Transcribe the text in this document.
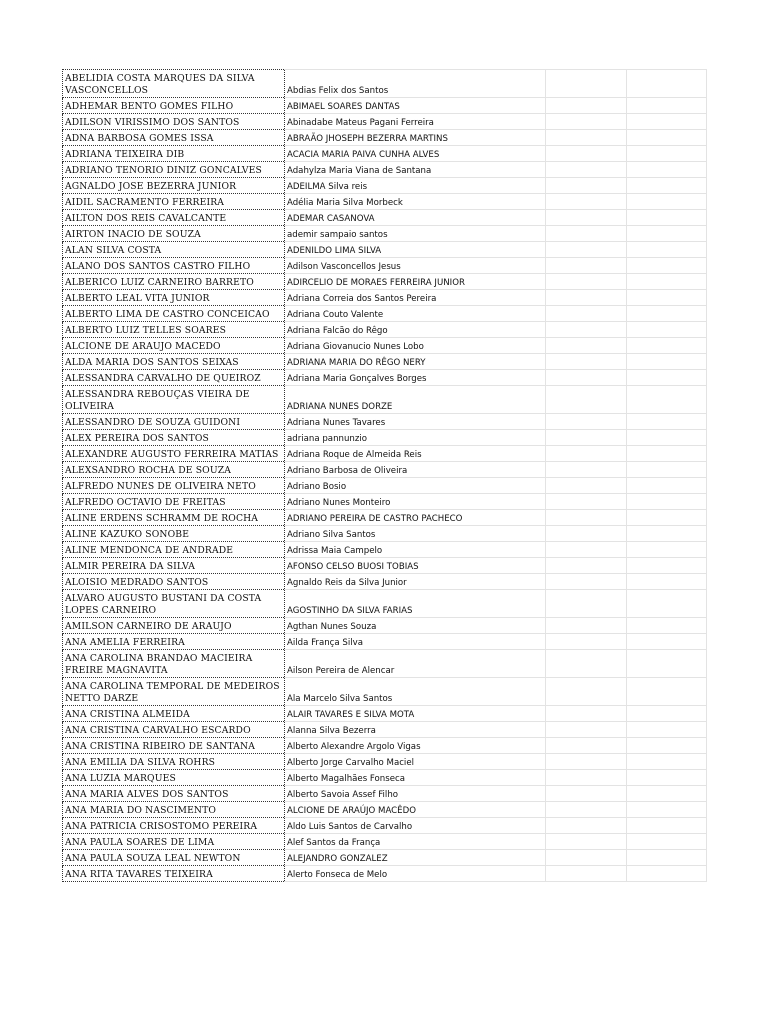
ABELIDIA COSTA MARQUES DA SILVA VASCONCELLOS	Abdias Felix dos Santos		
ADHEMAR BENTO GOMES FILHO	ABIMAEL SOARES DANTAS		
ADILSON VIRISSIMO DOS SANTOS	Abinadabe Mateus Pagani Ferreira		
ADNA BARBOSA GOMES ISSA	ABRAÃO JHOSEPH BEZERRA MARTINS		
ADRIANA TEIXEIRA DIB	ACACIA MARIA PAIVA CUNHA ALVES		
ADRIANO TENORIO DINIZ GONCALVES	Adahylza Maria Viana de Santana		
AGNALDO JOSE BEZERRA JUNIOR	ADEILMA Silva reis		
AIDIL SACRAMENTO FERREIRA	Adélia Maria Silva Morbeck		
AILTON DOS REIS CAVALCANTE	ADEMAR CASANOVA		
AIRTON INACIO DE SOUZA	ademir sampaio santos		
ALAN SILVA COSTA	ADENILDO LIMA SILVA		
ALANO DOS SANTOS CASTRO FILHO	Adilson Vasconcellos Jesus		
ALBERICO LUIZ CARNEIRO BARRETO	ADIRCELIO DE MORAES FERREIRA JUNIOR		
ALBERTO LEAL VITA JUNIOR	Adriana Correia dos Santos Pereira		
ALBERTO LIMA DE CASTRO CONCEICAO	Adriana Couto Valente		
ALBERTO LUIZ TELLES SOARES	Adriana Falcão do Rêgo		
ALCIONE DE ARAUJO MACEDO	Adriana Giovanucio Nunes Lobo		
ALDA MARIA DOS SANTOS SEIXAS	ADRIANA MARIA DO RÊGO NERY		
ALESSANDRA CARVALHO DE QUEIROZ	Adriana Maria Gonçalves Borges		
ALESSANDRA REBOUÇAS VIEIRA DE OLIVEIRA	ADRIANA NUNES DORZE		
ALESSANDRO DE SOUZA GUIDONI	Adriana Nunes Tavares		
ALEX PEREIRA DOS SANTOS	adriana pannunzio		
ALEXANDRE AUGUSTO FERREIRA MATIAS	Adriana Roque de Almeida Reis		
ALEXSANDRO ROCHA DE SOUZA	Adriano Barbosa de Oliveira		
ALFREDO NUNES DE OLIVEIRA NETO	Adriano Bosio		
ALFREDO OCTAVIO DE FREITAS	Adriano Nunes Monteiro		
ALINE ERDENS SCHRAMM DE ROCHA	ADRIANO PEREIRA DE CASTRO PACHECO		
ALINE KAZUKO SONOBE	Adriano Silva Santos		
ALINE MENDONCA DE ANDRADE	Adrissa Maia Campelo		
ALMIR PEREIRA DA SILVA	AFONSO CELSO BUOSI TOBIAS		
ALOISIO MEDRADO SANTOS	Agnaldo Reis da Silva Junior		
ALVARO AUGUSTO BUSTANI DA COSTA LOPES CARNEIRO	AGOSTINHO DA SILVA FARIAS		
AMILSON CARNEIRO DE ARAUJO	Agthan Nunes Souza		
ANA AMELIA FERREIRA	Ailda França Silva		
ANA CAROLINA BRANDAO MACIEIRA FREIRE MAGNAVITA	Ailson Pereira de Alencar		
ANA CAROLINA TEMPORAL DE MEDEIROS NETTO DARZE	Ala Marcelo Silva Santos		
ANA CRISTINA ALMEIDA	ALAIR TAVARES E SILVA MOTA		
ANA CRISTINA CARVALHO ESCARDO	Alanna Silva Bezerra		
ANA CRISTINA RIBEIRO DE SANTANA	Alberto Alexandre Argolo Vigas		
ANA EMILIA DA SILVA ROHRS	Alberto Jorge Carvalho Maciel		
ANA LUZIA MARQUES	Alberto Magalhães Fonseca		
ANA MARIA ALVES DOS SANTOS	Alberto Savoia Assef Filho		
ANA MARIA DO NASCIMENTO	ALCIONE DE ARAÚJO MACÊDO		
ANA PATRICIA CRISOSTOMO PEREIRA	Aldo Luis Santos de Carvalho		
ANA PAULA SOARES DE LIMA	Alef Santos da França		
ANA PAULA SOUZA LEAL NEWTON	ALEJANDRO GONZALEZ		
ANA RITA TAVARES TEIXEIRA	Alerto Fonseca de Melo		
